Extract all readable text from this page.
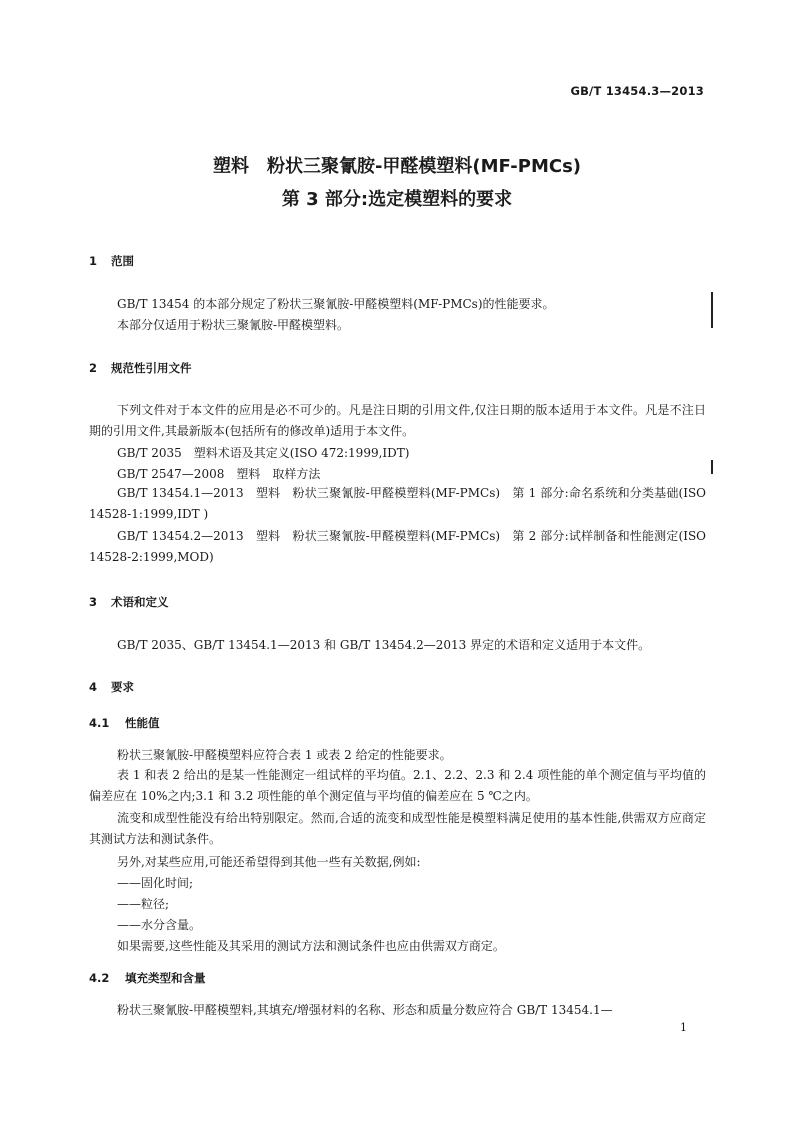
GB/T 13454.3—2013
塑料　粉状三聚氰胺-甲醛模塑料(MF-PMCs)
第 3 部分:选定模塑料的要求
1 范围
GB/T 13454 的本部分规定了粉状三聚氰胺-甲醛模塑料(MF-PMCs)的性能要求。
本部分仅适用于粉状三聚氰胺-甲醛模塑料。
2 规范性引用文件
下列文件对于本文件的应用是必不可少的。凡是注日期的引用文件,仅注日期的版本适用于本文件。凡是不注日期的引用文件,其最新版本(包括所有的修改单)适用于本文件。
GB/T 2035　塑料术语及其定义(ISO 472:1999,IDT)
GB/T 2547—2008　塑料　取样方法
GB/T 13454.1—2013　塑料　粉状三聚氰胺-甲醛模塑料(MF-PMCs)　第 1 部分:命名系统和分类基础(ISO 14528-1:1999,IDT )
GB/T 13454.2—2013　塑料　粉状三聚氰胺-甲醛模塑料(MF-PMCs)　第 2 部分:试样制备和性能测定(ISO 14528-2:1999,MOD)
3 术语和定义
GB/T 2035、GB/T 13454.1—2013 和 GB/T 13454.2—2013 界定的术语和定义适用于本文件。
4 要求
4.1 性能值
粉状三聚氰胺-甲醛模塑料应符合表 1 或表 2 给定的性能要求。
表 1 和表 2 给出的是某一性能测定一组试样的平均值。2.1、2.2、2.3 和 2.4 项性能的单个测定值与平均值的偏差应在 10%之内;3.1 和 3.2 项性能的单个测定值与平均值的偏差应在 5 ℃之内。
流变和成型性能没有给出特别限定。然而,合适的流变和成型性能是模塑料满足使用的基本性能,供需双方应商定其测试方法和测试条件。
另外,对某些应用,可能还希望得到其他一些有关数据,例如:
——固化时间;
——粒径;
——水分含量。
如果需要,这些性能及其采用的测试方法和测试条件也应由供需双方商定。
4.2 填充类型和含量
粉状三聚氰胺-甲醛模塑料,其填充/增强材料的名称、形态和质量分数应符合 GB/T 13454.1—
1
